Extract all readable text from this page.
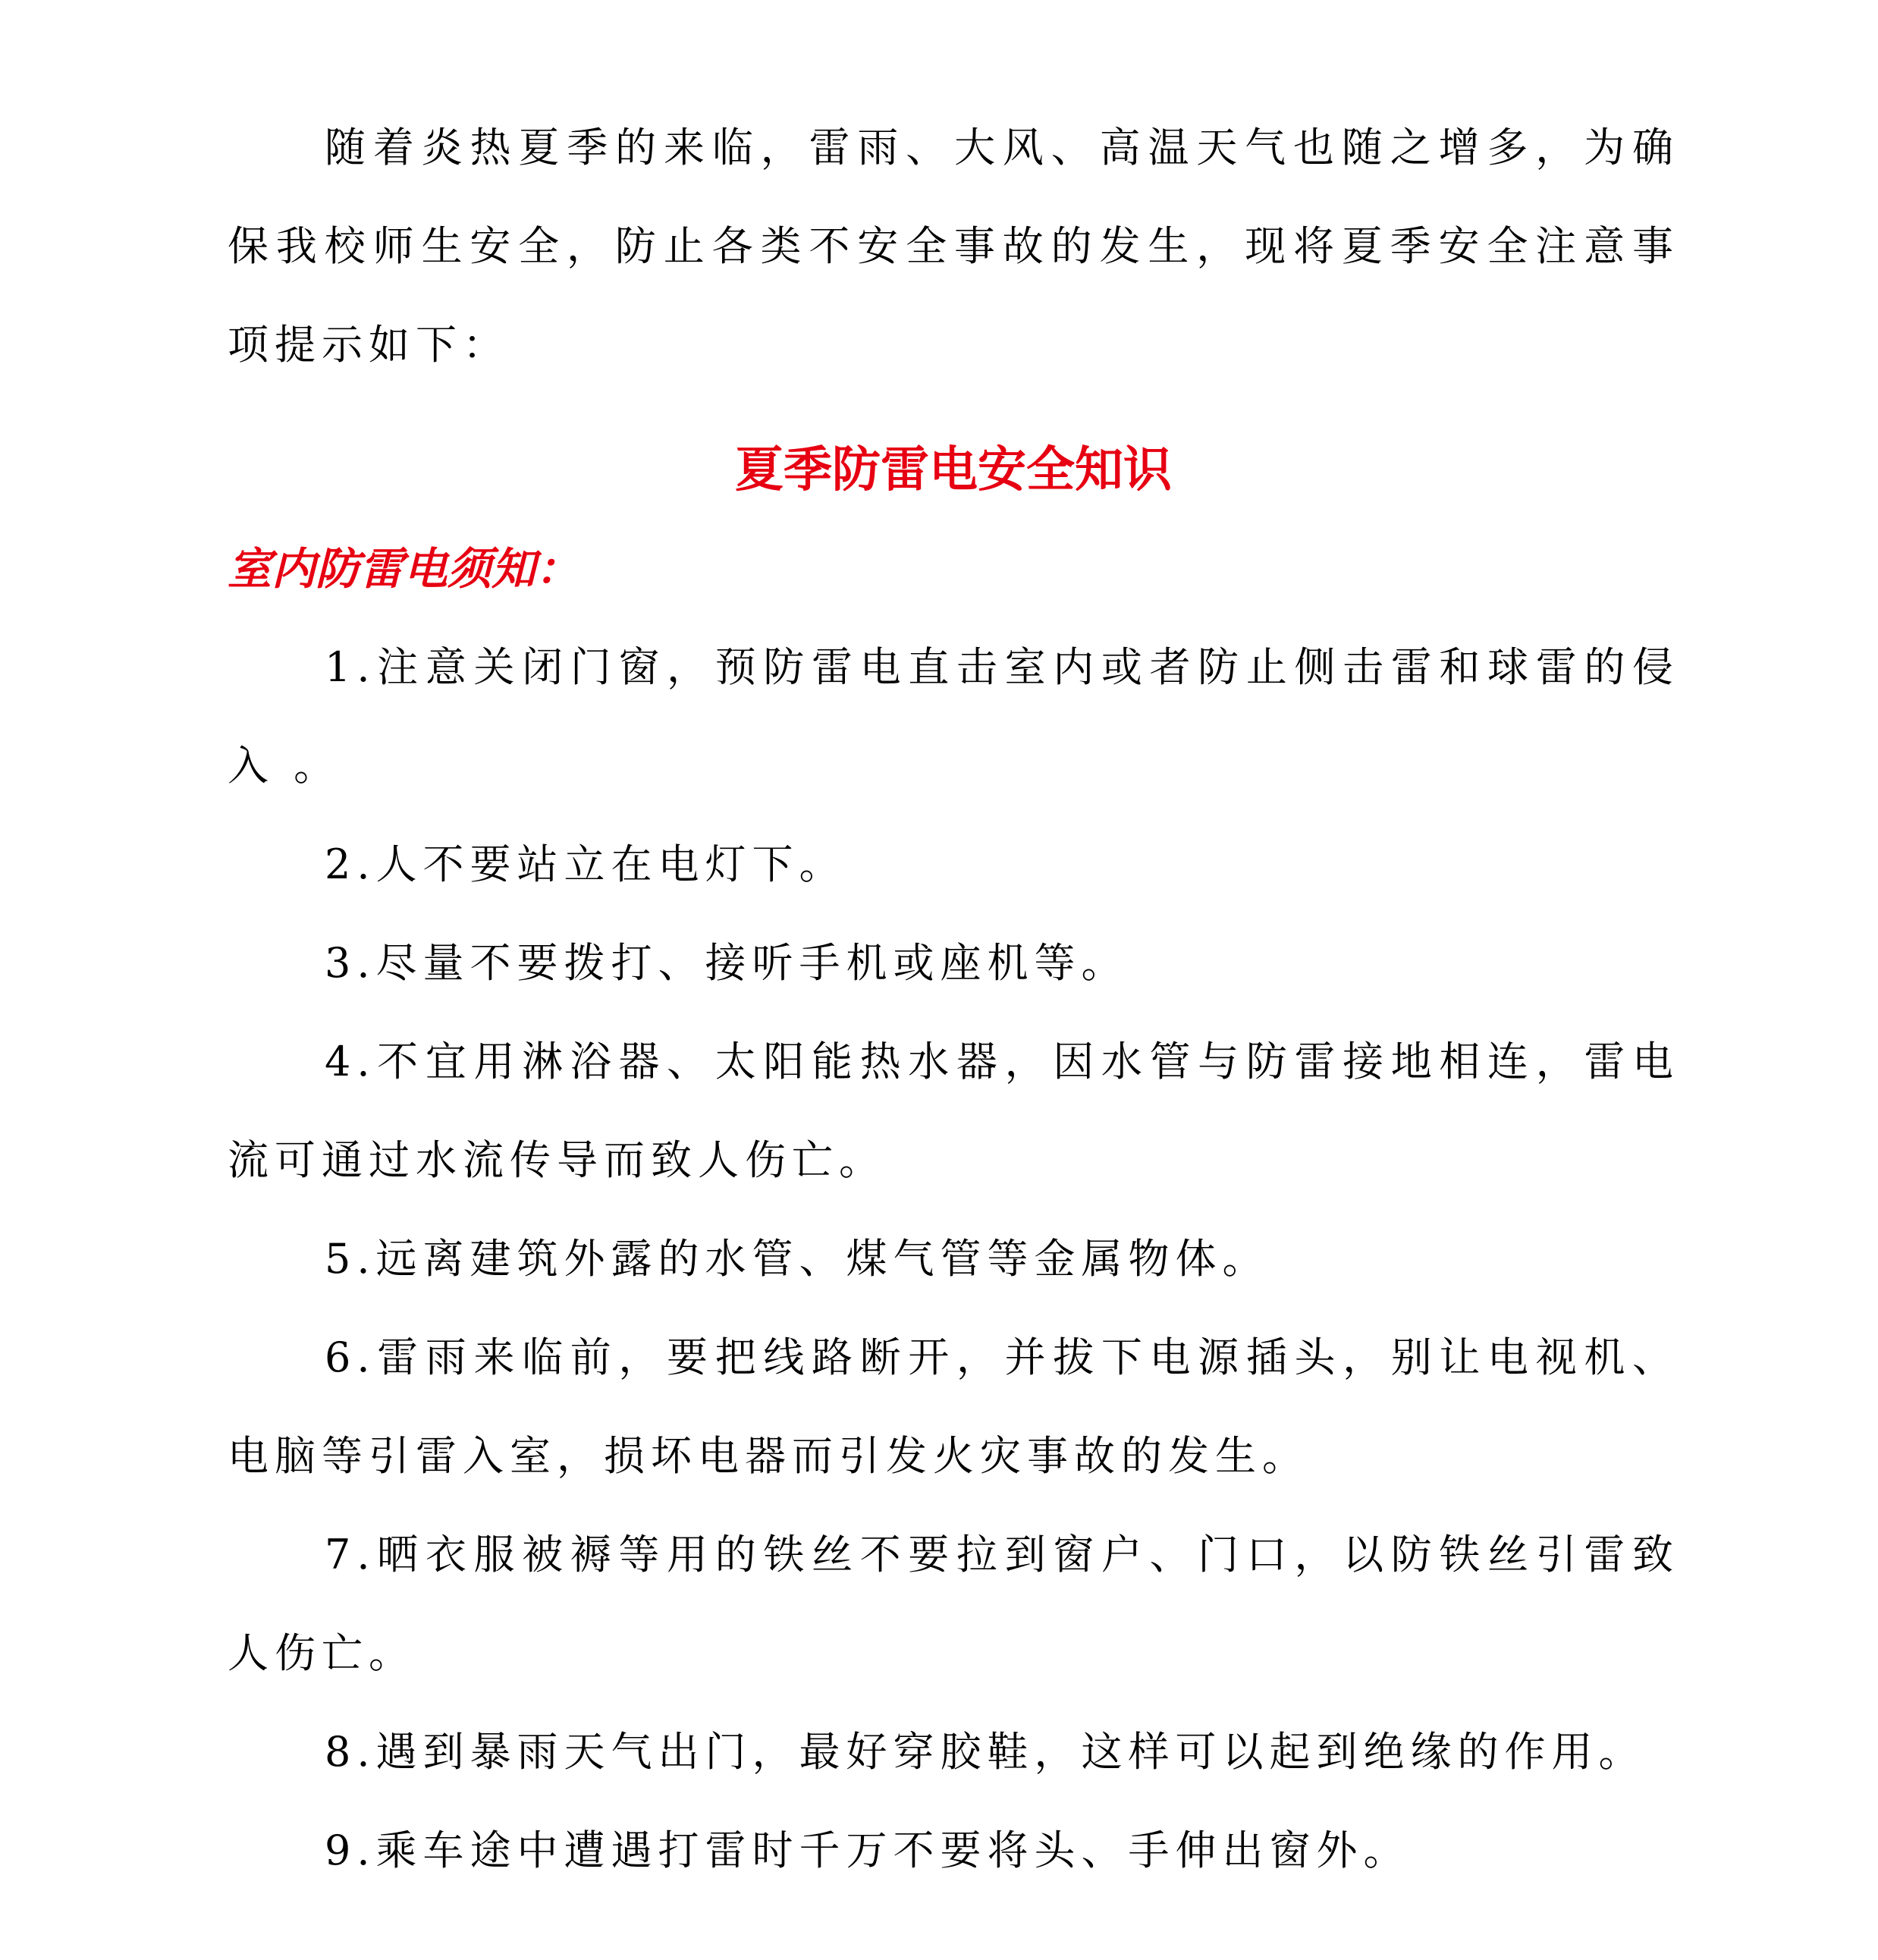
随着炎热夏季的来临，雷雨、大风、高温天气也随之增多，为确保我校师生安全，防止各类不安全事故的发生，现将夏季安全注意事项提示如下：

夏季防雷电安全知识
室内防雷电须知：

1.注意关闭门窗，预防雷电直击室内或者防止侧击雷和球雷的侵入 。

2.人不要站立在电灯下。

3.尽量不要拨打、接听手机或座机等。

4.不宜用淋浴器、太阳能热水器，因水管与防雷接地相连，雷电流可通过水流传导而致人伤亡。

5.远离建筑外露的水管、煤气管等金属物体。

6.雷雨来临前，要把线路断开，并拔下电源插头，别让电视机、电脑等引雷入室，损坏电器而引发火灾事故的发生。

7.晒衣服被褥等用的铁丝不要拉到窗户、门口，以防铁丝引雷致人伤亡。

8.遇到暴雨天气出门，最好穿胶鞋，这样可以起到绝缘的作用。

9.乘车途中遭遇打雷时千万不要将头、手伸出窗外。
